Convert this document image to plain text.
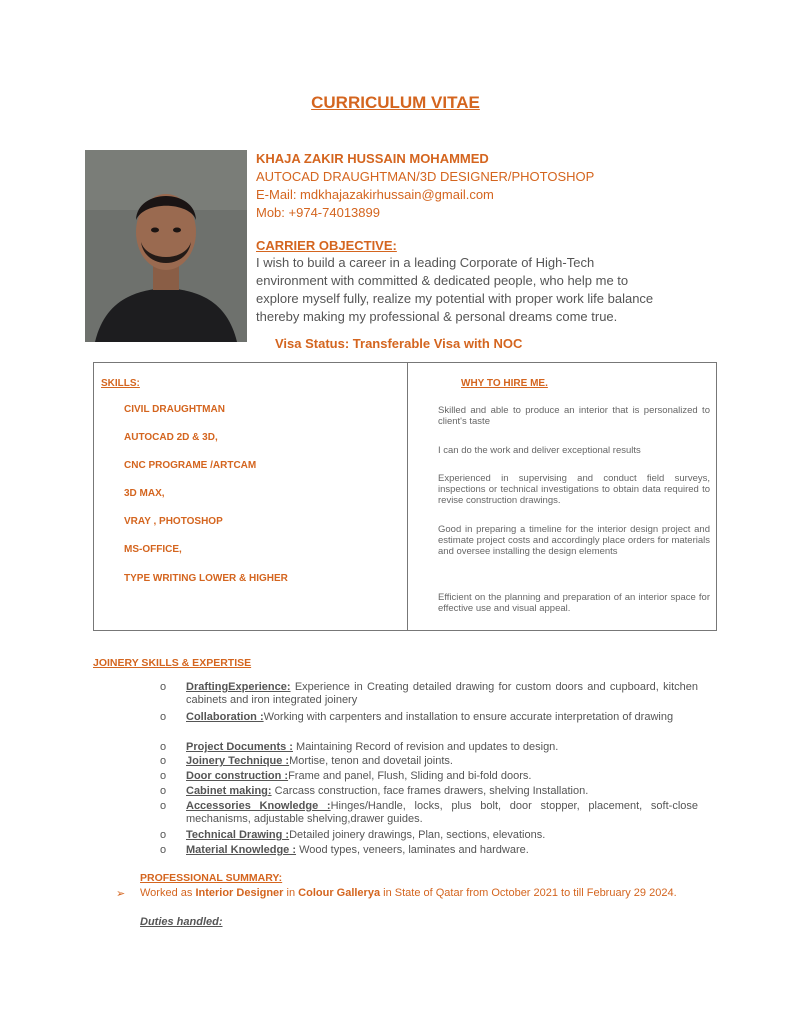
CURRICULUM VITAE
KHAJA ZAKIR HUSSAIN MOHAMMED
AUTOCAD DRAUGHTMAN/3D DESIGNER/PHOTOSHOP
E-Mail: mdkhajazakirhussain@gmail.com
Mob: +974-74013899
CARRIER OBJECTIVE:
I wish to build a career in a leading Corporate of High-Tech
environment with committed & dedicated people, who help me to
explore myself fully, realize my potential with proper work life balance
thereby making my professional & personal dreams come true.
Visa Status: Transferable Visa with NOC
SKILLS:
CIVIL DRAUGHTMAN
AUTOCAD 2D & 3D,
CNC PROGRAME /ARTCAM
3D MAX,
VRAY , PHOTOSHOP
MS-OFFICE,
TYPE WRITING LOWER & HIGHER
WHY TO HIRE ME.
Skilled and able to produce an interior that is personalized to client's taste
I can do the work and deliver exceptional results
Experienced in supervising and conduct field surveys, inspections or technical investigations to obtain data required to revise construction drawings.
Good in preparing a timeline for the interior design project and estimate project costs and accordingly place orders for materials and oversee installing the design elements
Efficient on the planning and preparation of an interior space for effective use and visual appeal.
JOINERY SKILLS & EXPERTISE
o DraftingExperience: Experience in Creating detailed drawing for custom doors and cupboard, kitchen cabinets and iron integrated joinery
o Collaboration :Working with carpenters and installation to ensure accurate interpretation of drawing
o Project Documents : Maintaining Record of revision and updates to design.
o Joinery Technique :Mortise, tenon and dovetail joints.
o Door construction :Frame and panel, Flush, Sliding and bi-fold doors.
o Cabinet making: Carcass construction, face frames drawers, shelving Installation.
o Accessories Knowledge :Hinges/Handle, locks, plus bolt, door stopper, placement, soft-close mechanisms, adjustable shelving,drawer guides.
o Technical Drawing :Detailed joinery drawings, Plan, sections, elevations.
o Material Knowledge : Wood types, veneers, laminates and hardware.
PROFESSIONAL SUMMARY:
➢ Worked as Interior Designer in Colour Gallerya in State of Qatar from October 2021 to till February 29 2024.
Duties handled:
